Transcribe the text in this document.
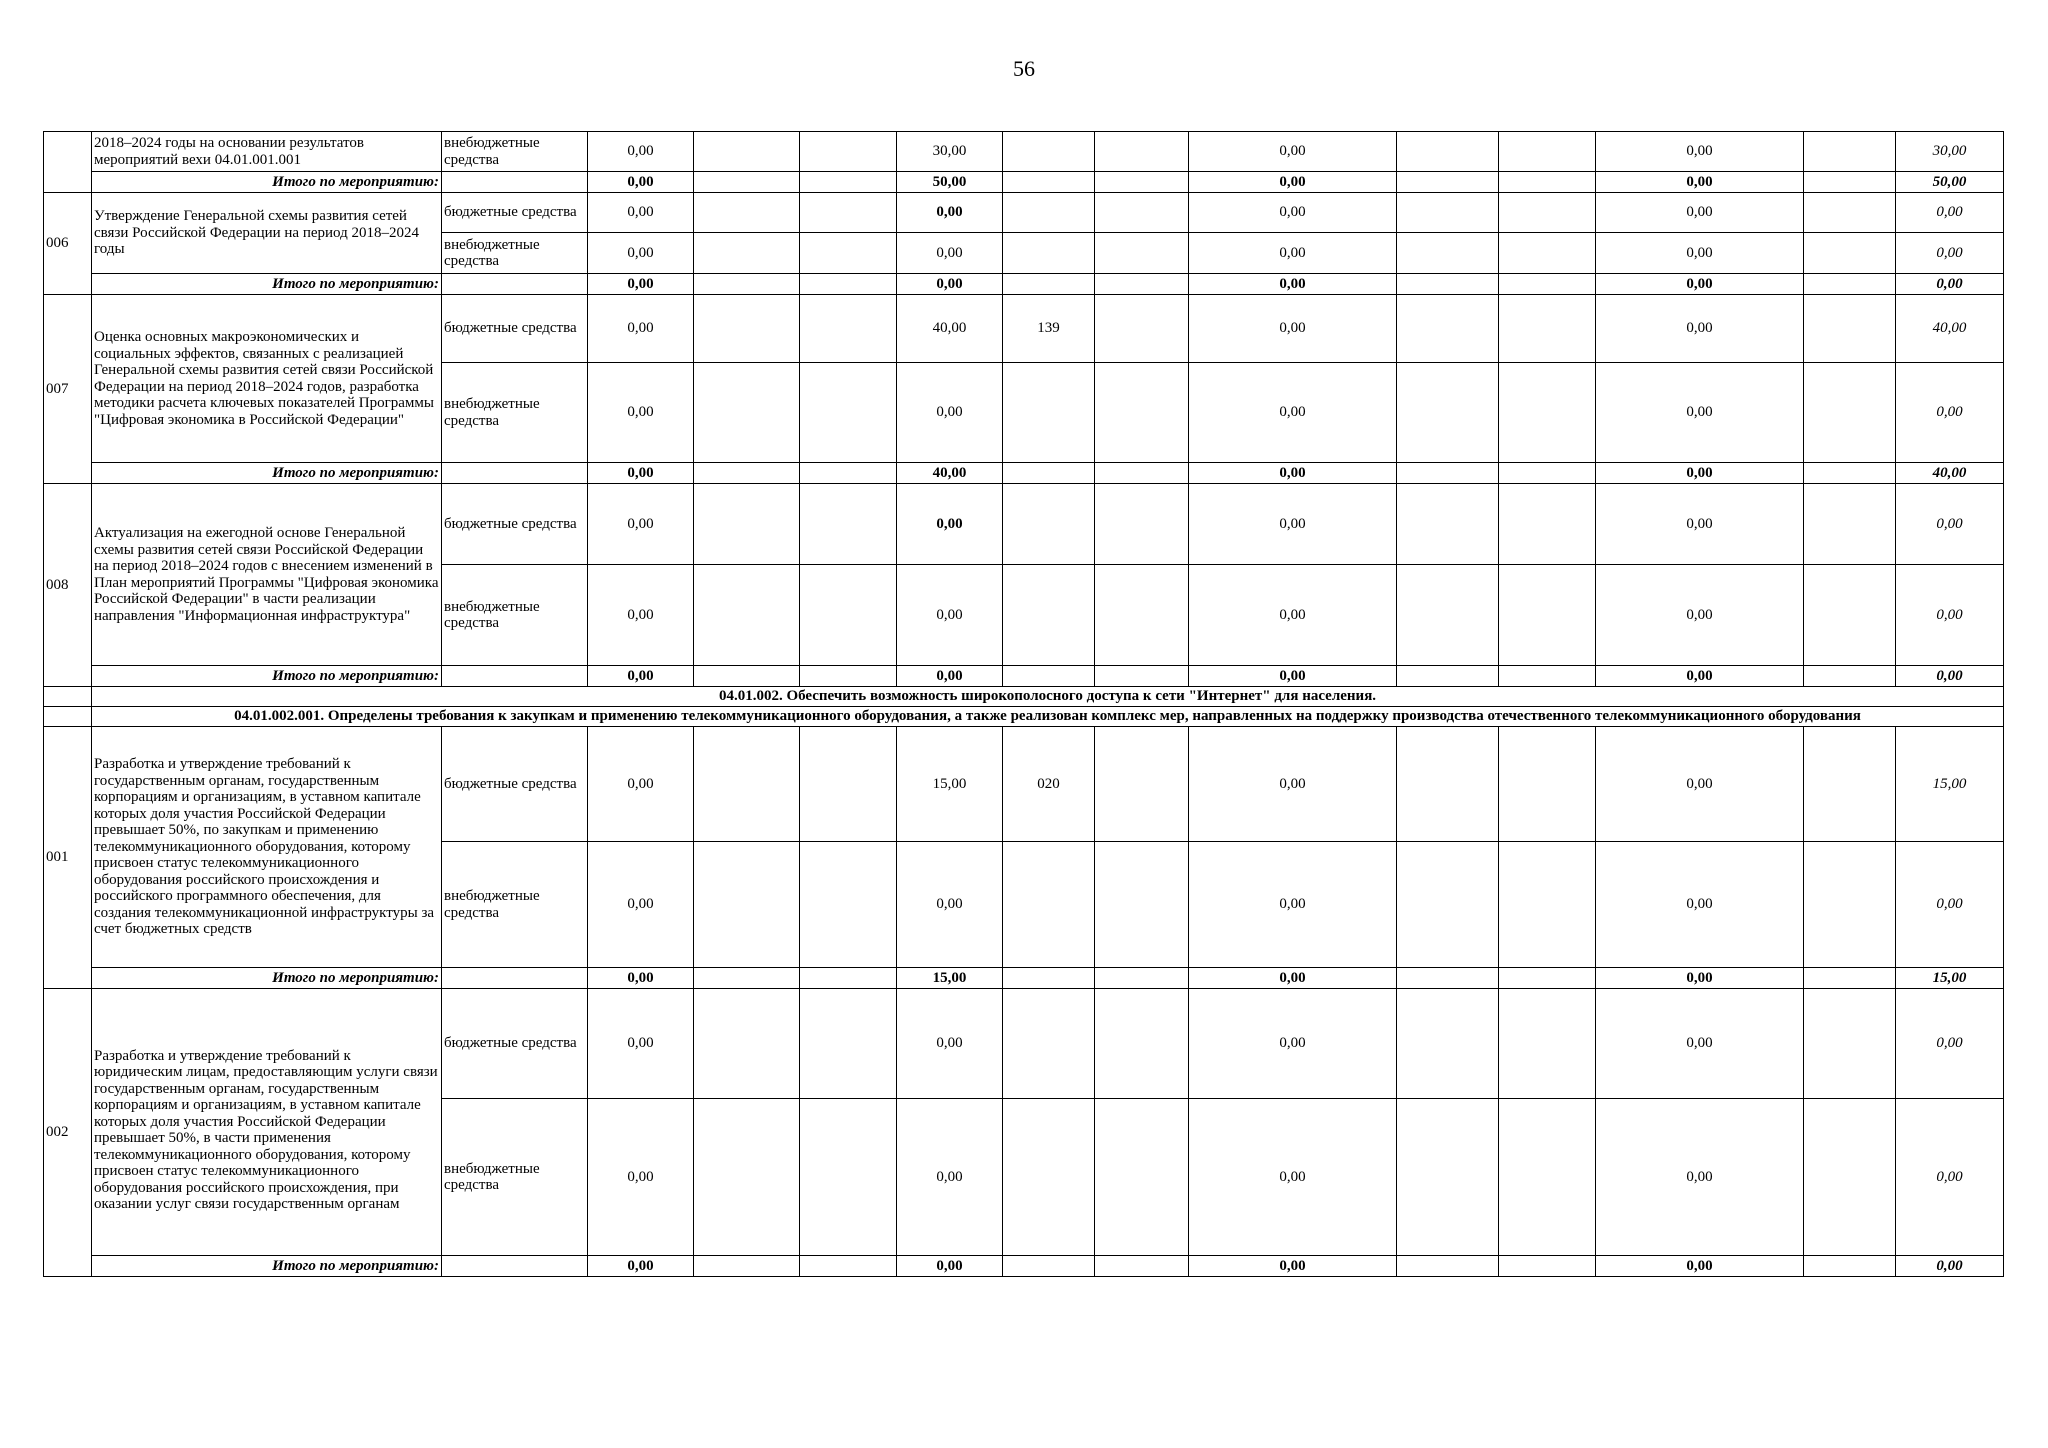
56
	2018–2024 годы на основании результатов мероприятий вехи 04.01.001.001	внебюджетные средства	0,00			30,00			0,00			0,00		30,00
	Итого по мероприятию:		0,00			50,00			0,00			0,00		50,00
006	Утверждение Генеральной схемы развития сетей связи Российской Федерации на период 2018–2024 годы	бюджетные средства	0,00			0,00			0,00			0,00		0,00
		внебюджетные средства	0,00			0,00			0,00			0,00		0,00
	Итого по мероприятию:		0,00			0,00			0,00			0,00		0,00
007	Оценка основных макроэкономических и социальных эффектов, связанных с реализацией Генеральной схемы развития сетей связи Российской Федерации на период 2018–2024 годов, разработка методики расчета ключевых показателей Программы "Цифровая экономика в Российской Федерации"	бюджетные средства	0,00			40,00	139		0,00			0,00		40,00
		внебюджетные средства	0,00			0,00			0,00			0,00		0,00
	Итого по мероприятию:		0,00			40,00			0,00			0,00		40,00
008	Актуализация на ежегодной основе Генеральной схемы развития сетей связи Российской Федерации на период 2018–2024 годов с внесением изменений в План мероприятий Программы "Цифровая экономика Российской Федерации" в части реализации направления "Информационная инфраструктура"	бюджетные средства	0,00			0,00			0,00			0,00		0,00
		внебюджетные средства	0,00			0,00			0,00			0,00		0,00
	Итого по мероприятию:		0,00			0,00			0,00			0,00		0,00
	04.01.002. Обеспечить возможность широкополосного доступа к сети "Интернет" для населения.													
	04.01.002.001. Определены требования к закупкам и применению телекоммуникационного оборудования, а также реализован комплекс мер, направленных на поддержку производства отечественного телекоммуникационного оборудования													
001	Разработка и утверждение требований к государственным органам, государственным корпорациям и организациям, в уставном капитале которых доля участия Российской Федерации превышает 50%, по закупкам и применению телекоммуникационного оборудования, которому присвоен статус телекоммуникационного оборудования российского происхождения и российского программного обеспечения, для создания телекоммуникационной инфраструктуры за счет бюджетных средств	бюджетные средства	0,00			15,00	020		0,00			0,00		15,00
		внебюджетные средства	0,00			0,00			0,00			0,00		0,00
	Итого по мероприятию:		0,00			15,00			0,00			0,00		15,00
002	Разработка и утверждение требований к юридическим лицам, предоставляющим услуги связи государственным органам, государственным корпорациям и организациям, в уставном капитале которых доля участия Российской Федерации превышает 50%, в части применения телекоммуникационного оборудования, которому присвоен статус телекоммуникационного оборудования российского происхождения, при оказании услуг связи государственным органам	бюджетные средства	0,00			0,00			0,00			0,00		0,00
		внебюджетные средства	0,00			0,00			0,00			0,00		0,00
	Итого по мероприятию:		0,00			0,00			0,00			0,00		0,00
